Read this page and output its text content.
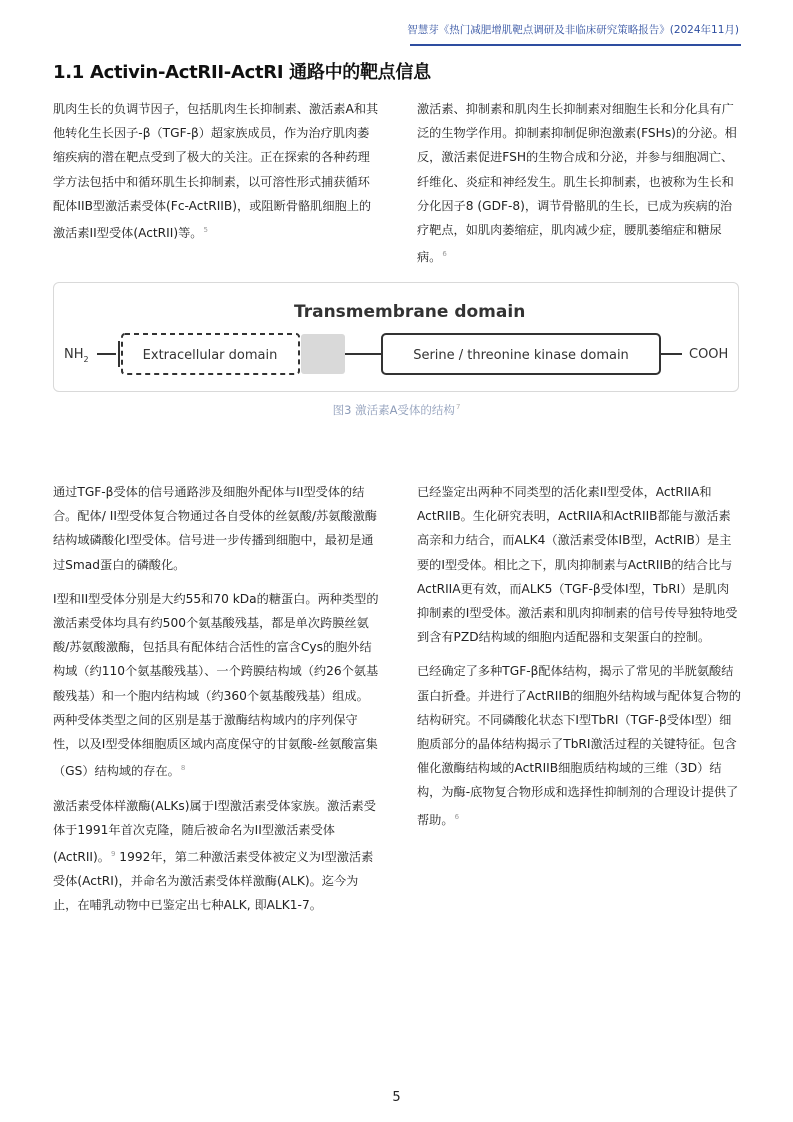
智慧芽《热门减肥增肌靶点调研及非临床研究策略报告》(2024年11月)
1.1 Activin-ActRII-ActRI 通路中的靶点信息

肌肉生长的负调节因子，包括肌肉生长抑制素、激活素A和其他转化生长因子-β（TGF-β）超家族成员，作为治疗肌肉萎缩疾病的潜在靶点受到了极大的关注。正在探索的各种药理学方法包括中和循环肌生长抑制素，以可溶性形式捕获循环配体IIB型激活素受体(Fc-ActRIIB)，或阻断骨骼肌细胞上的激活素II型受体(ActRII)等。$^5$

激活素、抑制素和肌肉生长抑制素对细胞生长和分化具有广泛的生物学作用。抑制素抑制促卵泡激素(FSHs)的分泌。相反，激活素促进FSH的生物合成和分泌，并参与细胞凋亡、纤维化、炎症和神经发生。肌生长抑制素，也被称为生长和分化因子8 (GDF-8)，调节骨骼肌的生长，已成为疾病的治疗靶点，如肌肉萎缩症，肌肉减少症，腰肌萎缩症和糖尿病。$^6$

Transmembrane domain
$NH_2$	Extracellular domain	Serine / threonine kinase domain	COOH
图3 激活素A受体的结构$^7$

通过TGF-β受体的信号通路涉及细胞外配体与II型受体的结合。配体/ II型受体复合物通过各自受体的丝氨酸/苏氨酸激酶结构域磷酸化I型受体。信号进一步传播到细胞中，最初是通过Smad蛋白的磷酸化。

I型和II型受体分别是大约55和70 kDa的糖蛋白。两种类型的激活素受体均具有约500个氨基酸残基，都是单次跨膜丝氨酸/苏氨酸激酶，包括具有配体结合活性的富含Cys的胞外结构域（约110个氨基酸残基）、一个跨膜结构域（约26个氨基酸残基）和一个胞内结构域（约360个氨基酸残基）组成。两种受体类型之间的区别是基于激酶结构域内的序列保守性，以及I型受体细胞质区域内高度保守的甘氨酸-丝氨酸富集（GS）结构域的存在。$^8$

激活素受体样激酶(ALKs)属于I型激活素受体家族。激活素受体于1991年首次克隆，随后被命名为II型激活素受体(ActRII)。$^9$ 1992年，第二种激活素受体被定义为I型激活素受体(ActRI)，并命名为激活素受体样激酶(ALK)。迄今为止，在哺乳动物中已鉴定出七种ALK, 即ALK1-7。

已经鉴定出两种不同类型的活化素II型受体，ActRIIA和ActRIIB。生化研究表明，ActRIIA和ActRIIB都能与激活素高亲和力结合，而ALK4（激活素受体IB型，ActRIB）是主要的I型受体。相比之下，肌肉抑制素与ActRIIB的结合比与ActRIIA更有效，而ALK5（TGF-β受体I型，TbRI）是肌肉抑制素的I型受体。激活素和肌肉抑制素的信号传导独特地受到含有PZD结构域的细胞内适配器和支架蛋白的控制。

已经确定了多种TGF-β配体结构，揭示了常见的半胱氨酸结蛋白折叠。并进行了ActRIIB的细胞外结构域与配体复合物的结构研究。不同磷酸化状态下I型TbRI（TGF-β受体I型）细胞质部分的晶体结构揭示了TbRI激活过程的关键特征。包含催化激酶结构域的ActRIIB细胞质结构域的三维（3D）结构，为酶-底物复合物形成和选择性抑制剂的合理设计提供了帮助。$^6$

5
